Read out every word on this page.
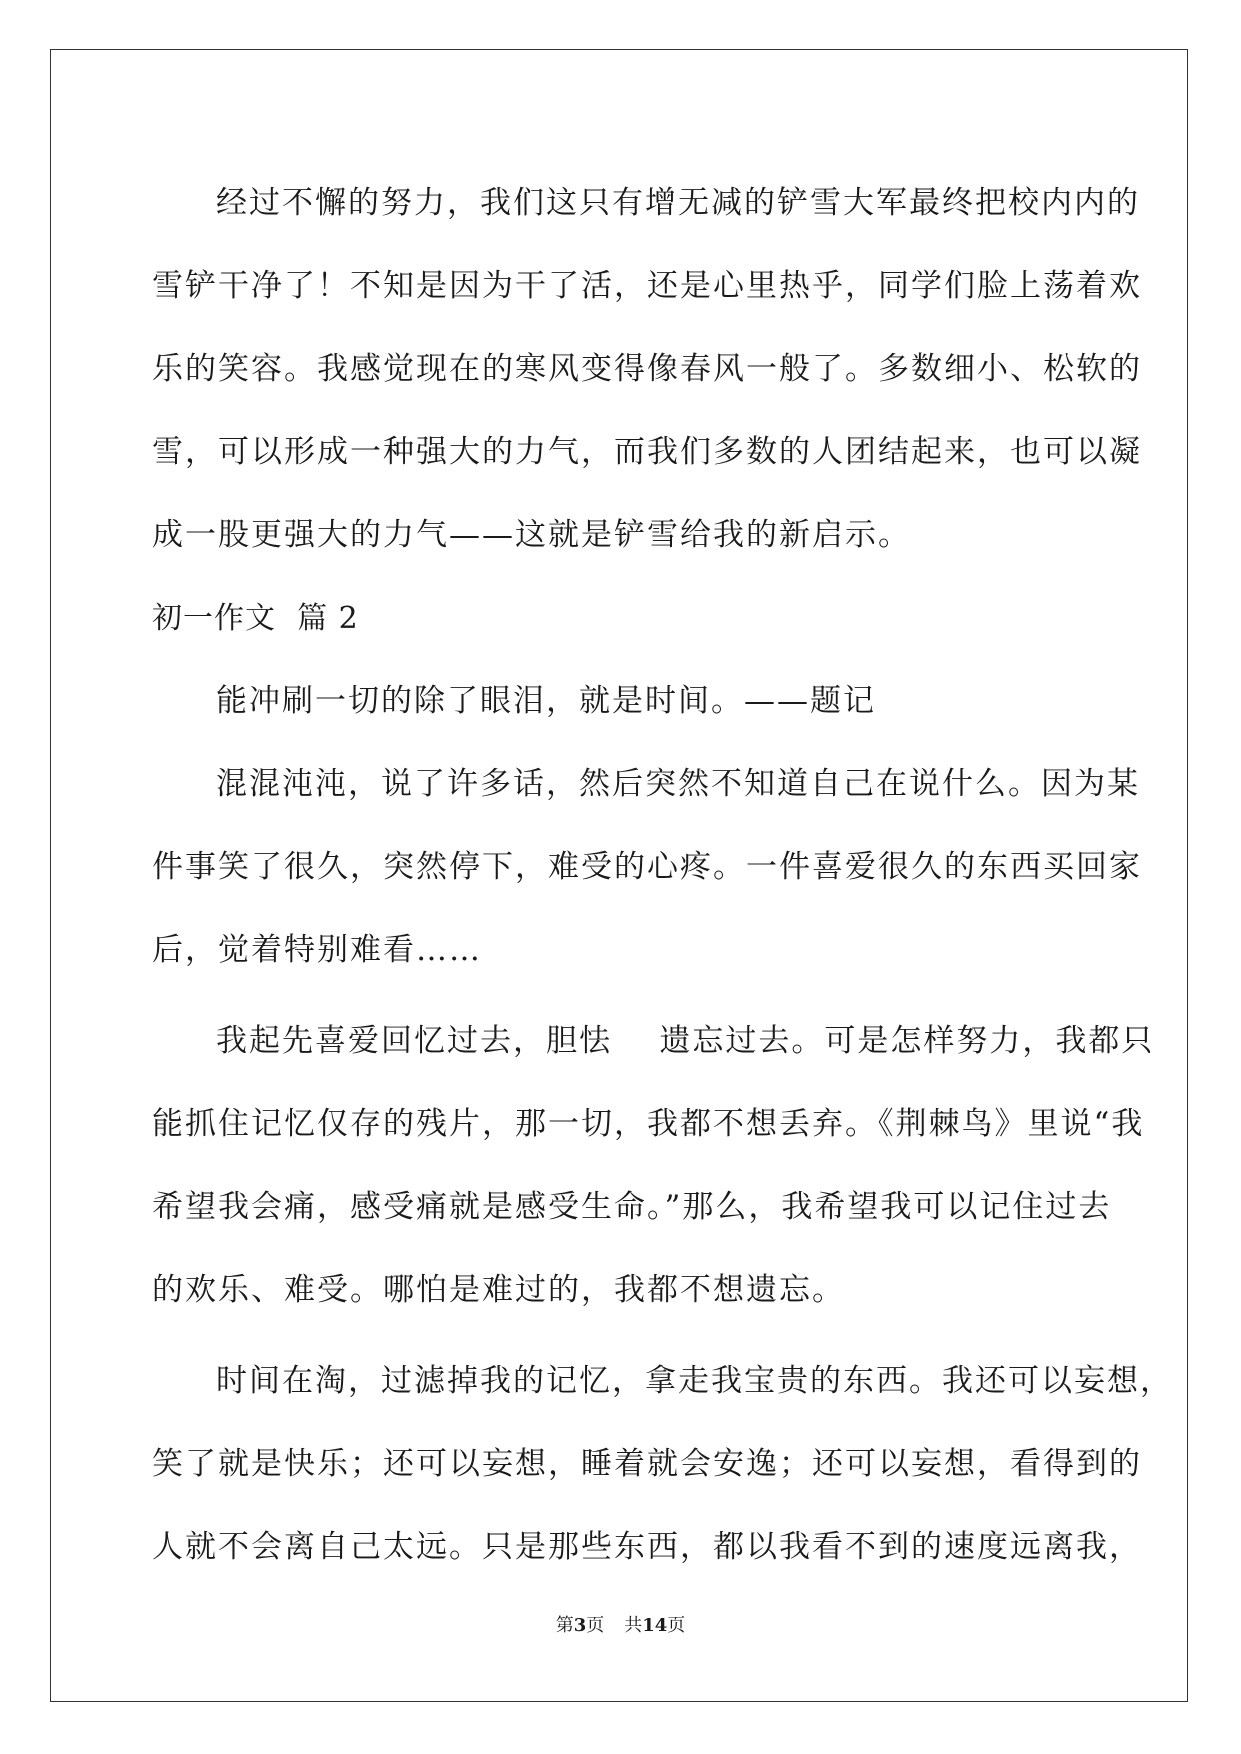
经过不懈的努力，我们这只有增无减的铲雪大军最终把校内内的
雪铲干净了！不知是因为干了活，还是心里热乎，同学们脸上荡着欢
乐的笑容。我感觉现在的寒风变得像春风一般了。多数细小、松软的
雪，可以形成一种强大的力气，而我们多数的人团结起来，也可以凝
成一股更强大的力气——这就是铲雪给我的新启示。
初一作文  篇 2
能冲刷一切的除了眼泪，就是时间。——题记
混混沌沌，说了许多话，然后突然不知道自己在说什么。因为某
件事笑了很久，突然停下，难受的心疼。一件喜爱很久的东西买回家
后，觉着特别难看……
我起先喜爱回忆过去，胆怯    遗忘过去。可是怎样努力，我都只
能抓住记忆仅存的残片，那一切，我都不想丢弃。《荆棘鸟》里说“我
希望我会痛，感受痛就是感受生命。”那么，我希望我可以记住过去
的欢乐、难受。哪怕是难过的，我都不想遗忘。
时间在淘，过滤掉我的记忆，拿走我宝贵的东西。我还可以妄想，
笑了就是快乐；还可以妄想，睡着就会安逸；还可以妄想，看得到的
人就不会离自己太远。只是那些东西，都以我看不到的速度远离我，
第3页 共14页
